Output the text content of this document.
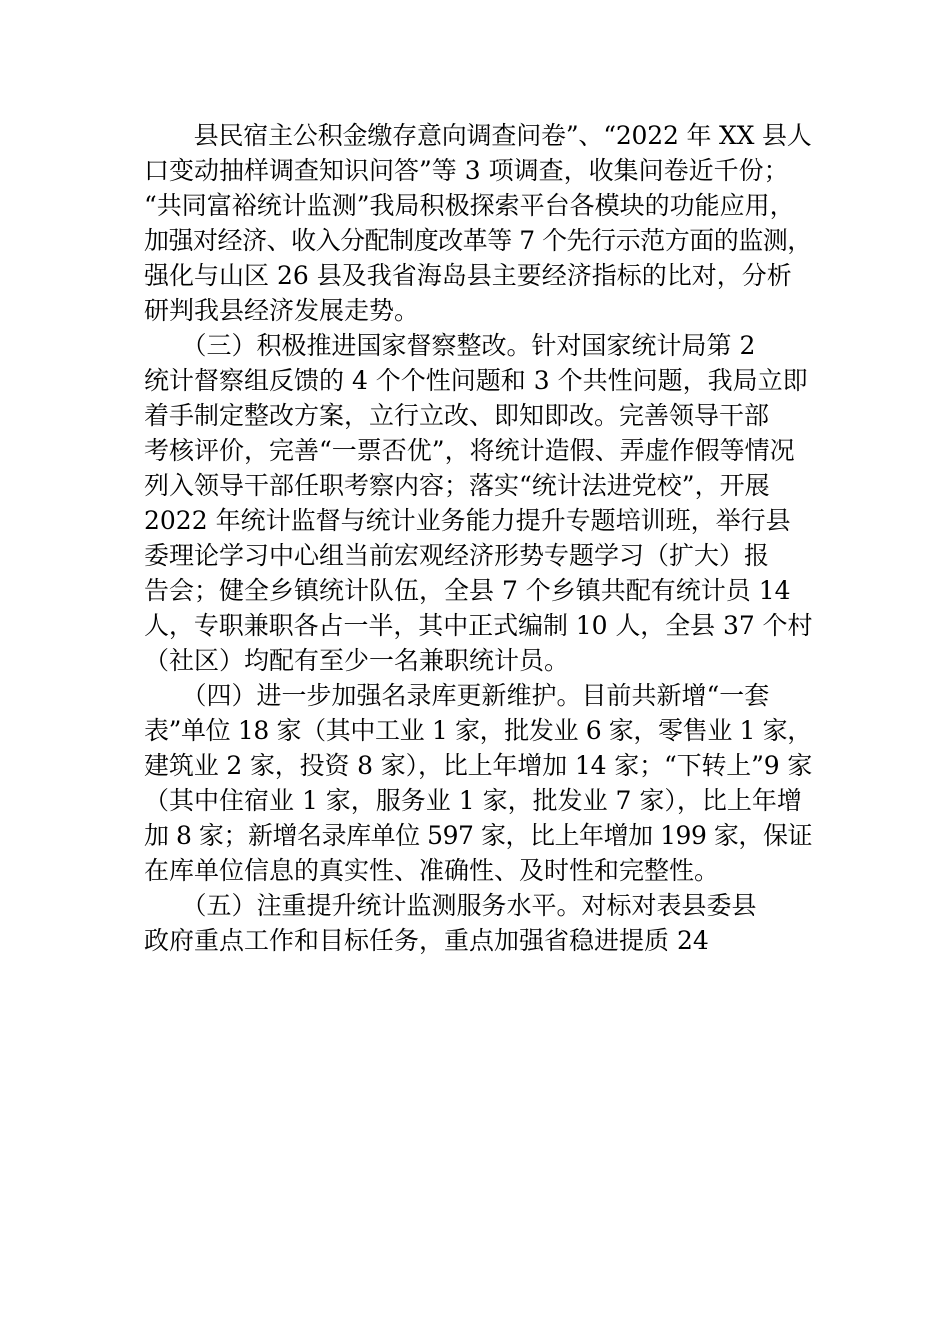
　　县民宿主公积金缴存意向调查问卷”、“2022 年 XX 县人
口变动抽样调查知识问答”等 3 项调查，收集问卷近千份；
“共同富裕统计监测”我局积极探索平台各模块的功能应用，
加强对经济、收入分配制度改革等 7 个先行示范方面的监测，
强化与山区 26 县及我省海岛县主要经济指标的比对，分析
研判我县经济发展走势。
　　（三）积极推进国家督察整改。针对国家统计局第 2
统计督察组反馈的 4 个个性问题和 3 个共性问题，我局立即
着手制定整改方案，立行立改、即知即改。完善领导干部
考核评价，完善“一票否优”，将统计造假、弄虚作假等情况
列入领导干部任职考察内容；落实“统计法进党校”，开展
2022 年统计监督与统计业务能力提升专题培训班，举行县
委理论学习中心组当前宏观经济形势专题学习（扩大）报
告会；健全乡镇统计队伍，全县 7 个乡镇共配有统计员 14
人，专职兼职各占一半，其中正式编制 10 人，全县 37 个村
（社区）均配有至少一名兼职统计员。
　　（四）进一步加强名录库更新维护。目前共新增“一套
表”单位 18 家（其中工业 1 家，批发业 6 家，零售业 1 家，
建筑业 2 家，投资 8 家），比上年增加 14 家；“下转上”9 家
（其中住宿业 1 家，服务业 1 家，批发业 7 家），比上年增
加 8 家；新增名录库单位 597 家，比上年增加 199 家，保证
在库单位信息的真实性、准确性、及时性和完整性。
　　（五）注重提升统计监测服务水平。对标对表县委县
政府重点工作和目标任务，重点加强省稳进提质 24
